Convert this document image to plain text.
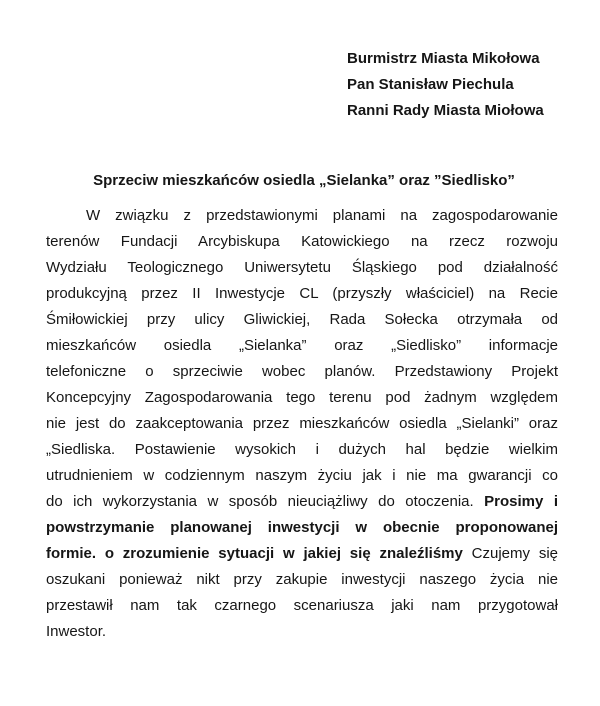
Burmistrz Miasta Mikołowa
Pan Stanisław Piechula
Ranni Rady Miasta Miołowa
Sprzeciw mieszkańców osiedla „Sielanka” oraz ”Siedlisko”
W związku z przedstawionymi planami na zagospodarowanie
terenów Fundacji Arcybiskupa Katowickiego na rzecz rozwoju
Wydziału Teologicznego Uniwersytetu Śląskiego pod działalność
produkcyjną przez II Inwestycje CL (przyszły właściciel) na Recie
Śmiłowickiej przy ulicy Gliwickiej, Rada Sołecka otrzymała od
mieszkańców osiedla „Sielanka” oraz „Siedlisko” informacje
telefoniczne o sprzeciwie wobec planów. Przedstawiony Projekt
Koncepcyjny Zagospodarowania tego terenu pod żadnym względem
nie jest do zaakceptowania przez mieszkańców osiedla „Sielanki” oraz
„Siedliska. Postawienie wysokich i dużych hal będzie wielkim
utrudnieniem w codziennym naszym życiu jak i nie ma gwarancji co
do ich wykorzystania w sposób nieuciążliwy do otoczenia. Prosimy i
powstrzymanie planowanej inwestycji w obecnie proponowanej
formie. o zrozumienie sytuacji w jakiej się znaleźliśmy Czujemy się
oszukani ponieważ nikt przy zakupie inwestycji naszego życia nie
przestawił nam tak czarnego scenariusza jaki nam przygotował
Inwestor.
